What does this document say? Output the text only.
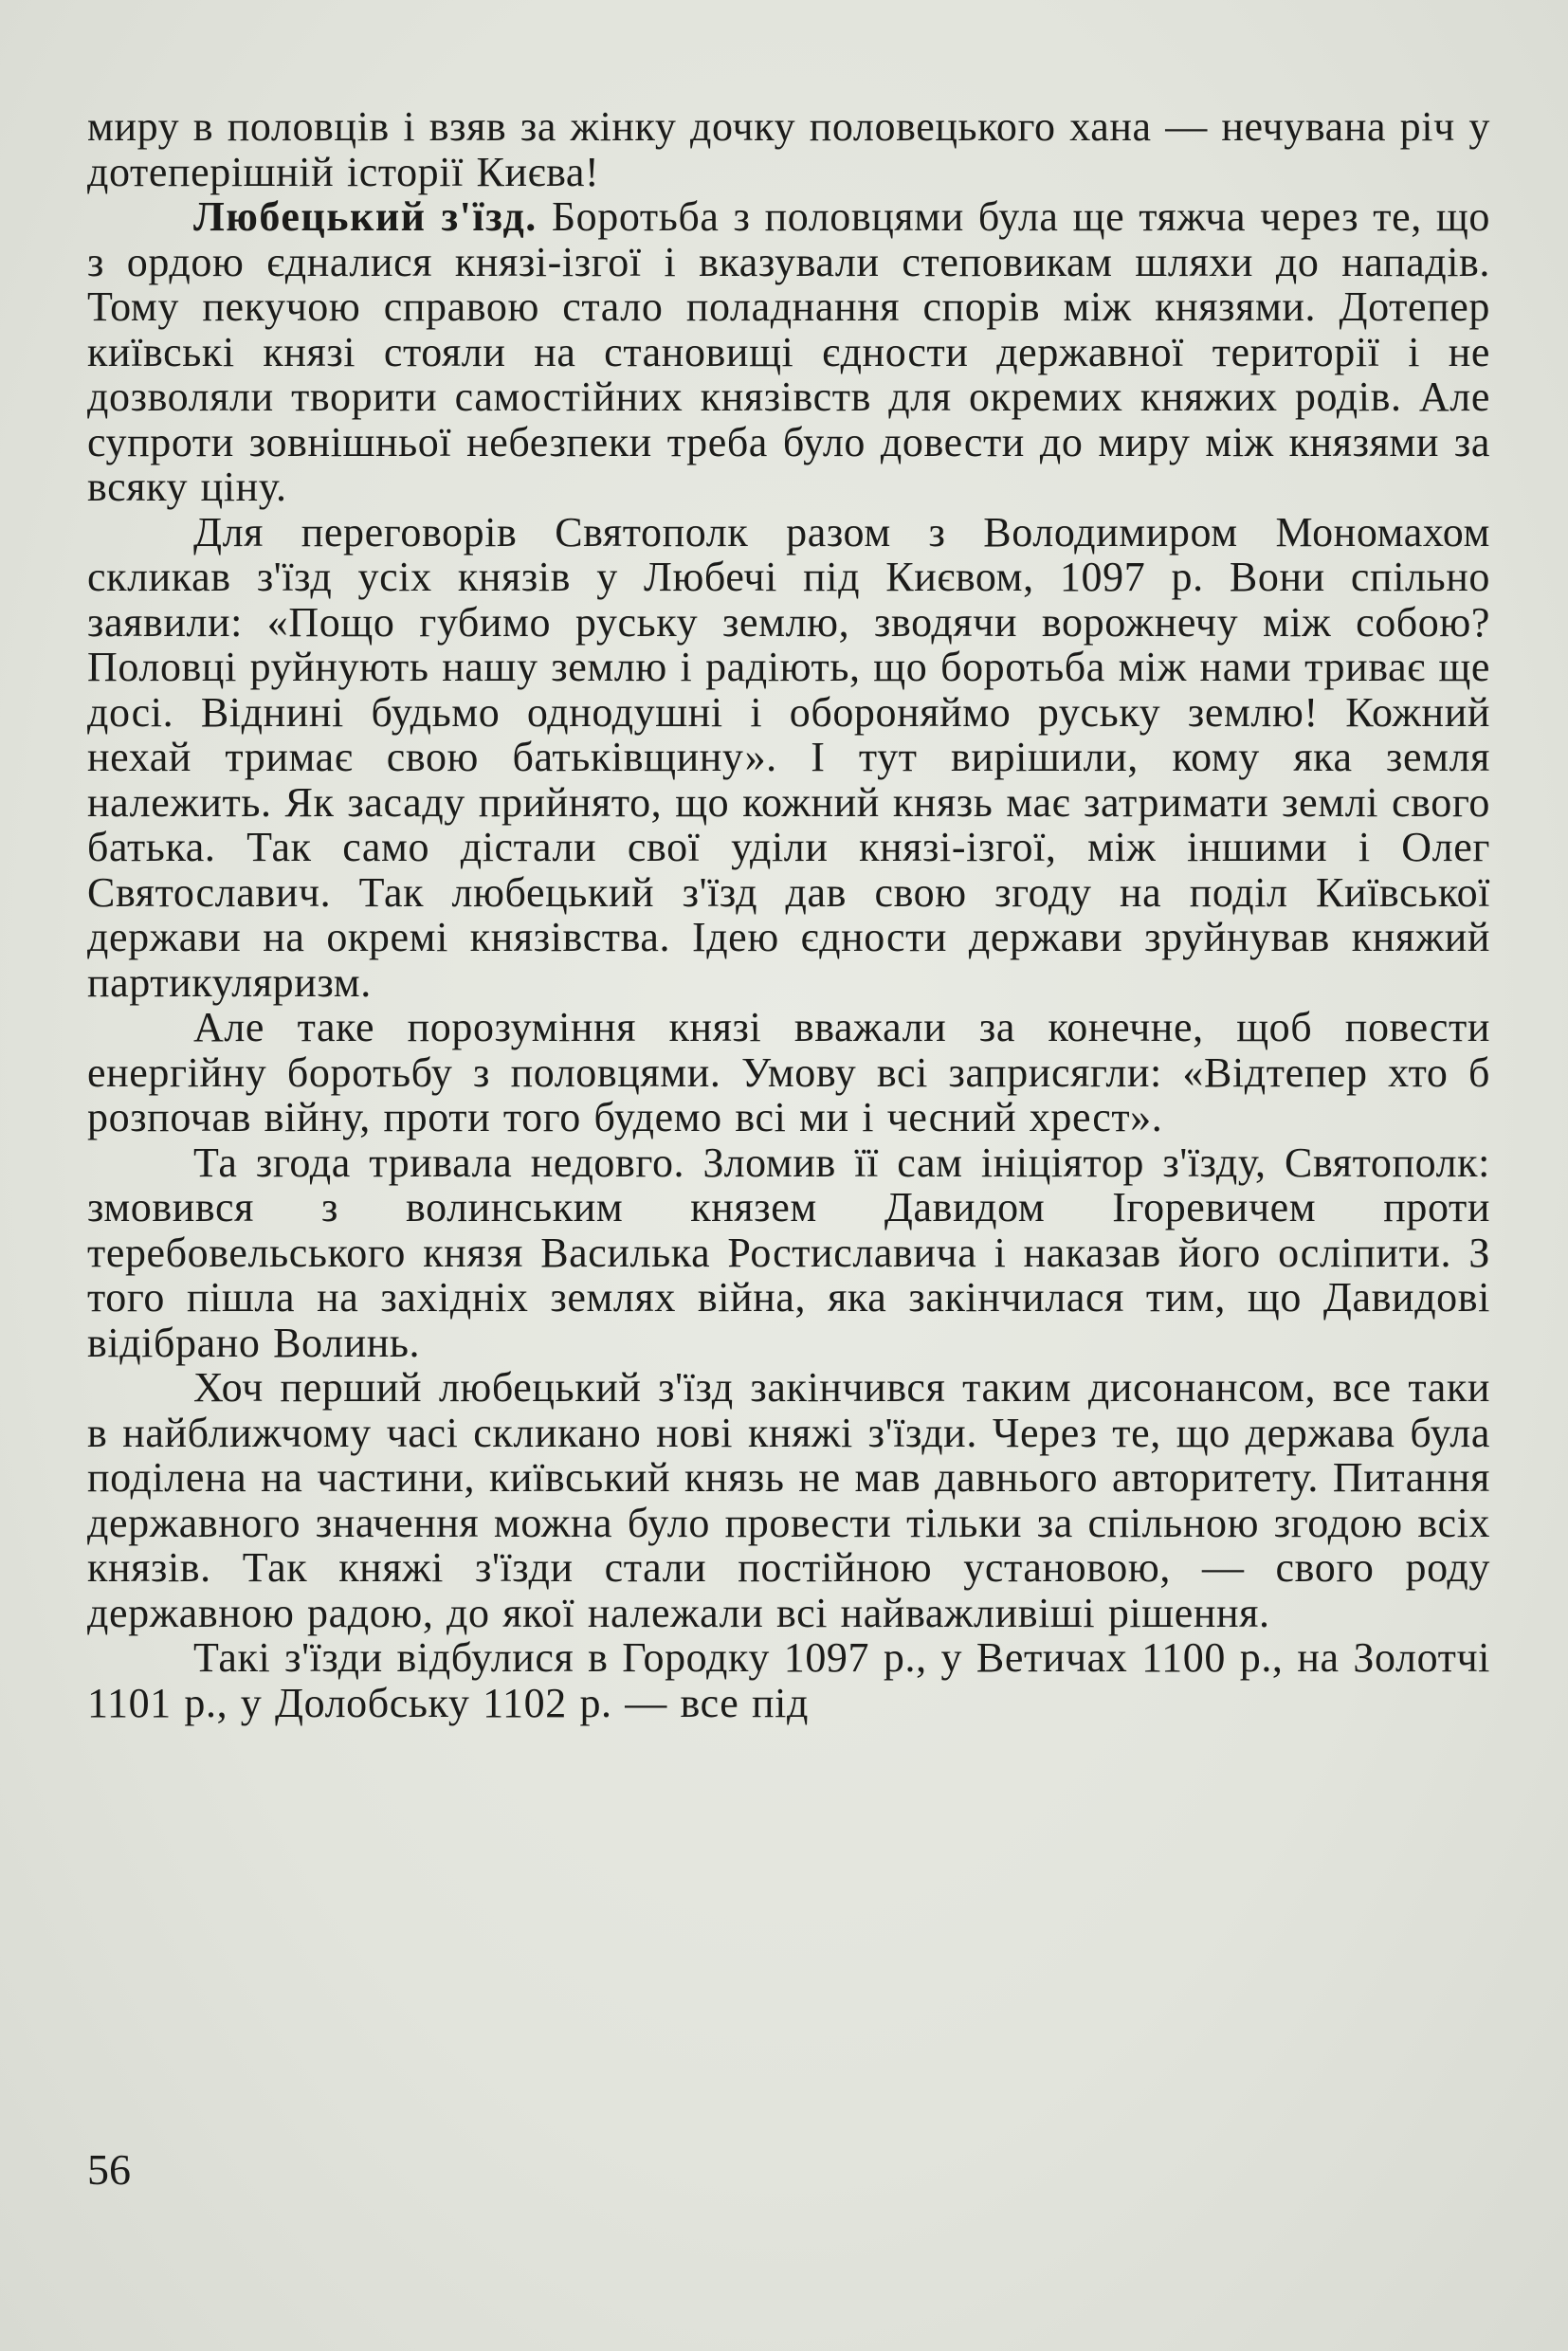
миру в половців і взяв за жінку дочку половецького хана — нечувана річ у дотеперішній історії Києва!

Любецький з'їзд. Боротьба з половцями була ще тяжча через те, що з ордою єдналися князі-ізгої і вказували степовикам шляхи до нападів. Тому пекучою справою стало поладнання спорів між князями. Дотепер київські князі стояли на становищі єдности державної території і не дозволяли творити самостійних князівств для окремих княжих родів. Але супроти зовнішньої небезпеки треба було довести до миру між князями за всяку ціну.

Для переговорів Святополк разом з Володимиром Мономахом скликав з'їзд усіх князів у Любечі під Києвом, 1097 р. Вони спільно заявили: «Пощо губимо руську землю, зводячи ворожнечу між собою? Половці руйнують нашу землю і радіють, що боротьба між нами триває ще досі. Віднині будьмо однодушні і обороняймо руську землю! Кожний нехай тримає свою батьківщину». І тут вирішили, кому яка земля належить. Як засаду прийнято, що кожний князь має затримати землі свого батька. Так само дістали свої уділи князі-ізгої, між іншими і Олег Святославич. Так любецький з'їзд дав свою згоду на поділ Київської держави на окремі князівства. Ідею єдности держави зруйнував княжий партикуляризм.

Але таке порозуміння князі вважали за конечне, щоб повести енергійну боротьбу з половцями. Умову всі заприсягли: «Відтепер хто б розпочав війну, проти того будемо всі ми і чесний хрест».

Та згода тривала недовго. Зломив її сам ініціятор з'їзду, Святополк: змовився з волинським князем Давидом Ігоревичем проти теребовельського князя Василька Ростиславича і наказав його осліпити. З того пішла на західніх землях війна, яка закінчилася тим, що Давидові відібрано Волинь.

Хоч перший любецький з'їзд закінчився таким дисонансом, все таки в найближчому часі скликано нові княжі з'їзди. Через те, що держава була поділена на частини, київський князь не мав давнього авторитету. Питання державного значення можна було провести тільки за спільною згодою всіх князів. Так княжі з'їзди стали постійною установою, — свого роду державною радою, до якої належали всі найважливіші рішення.

Такі з'їзди відбулися в Городку 1097 р., у Ветичах 1100 р., на Золотчі 1101 р., у Долобську 1102 р. — все під

56
